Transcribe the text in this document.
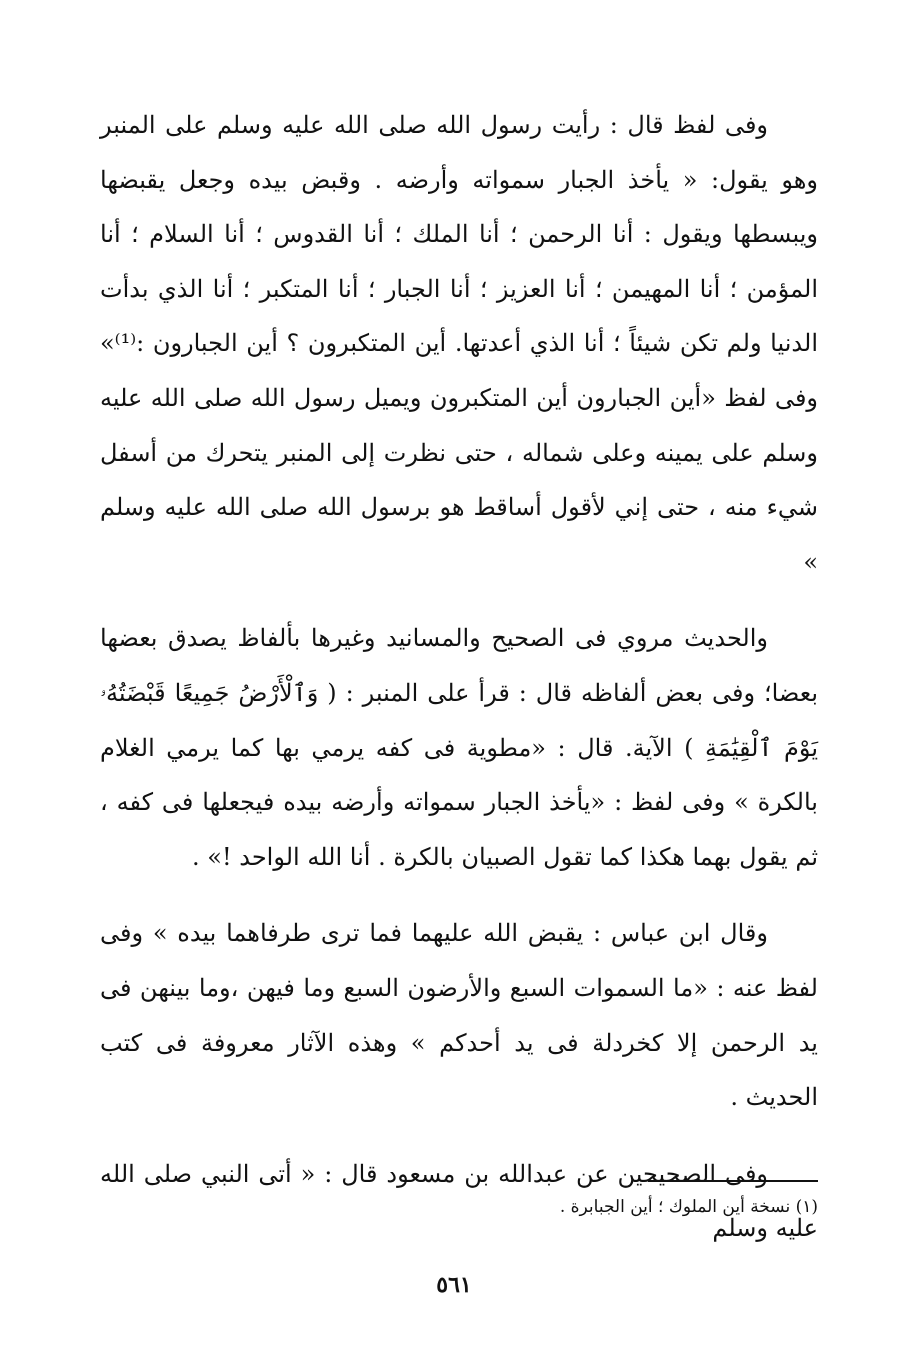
وفى لفظ قال : رأيت رسول الله صلى الله عليه وسلم على المنبر وهو يقول: « يأخذ الجبار سمواته وأرضه . وقبض بيده وجعل يقبضها ويبسطها ويقول : أنا الرحمن ؛ أنا الملك ؛ أنا القدوس ؛ أنا السلام ؛ أنا المؤمن ؛ أنا المهيمن ؛ أنا العزيز ؛ أنا الجبار ؛ أنا المتكبر ؛ أنا الذي بدأت الدنيا ولم تكن شيئاً ؛ أنا الذي أعدتها. أين المتكبرون ؟ أين الجبارون :⁽¹⁾» وفى لفظ «أين الجبارون أين المتكبرون ويميل رسول الله صلى الله عليه وسلم على يمينه وعلى شماله ، حتى نظرت إلى المنبر يتحرك من أسفل شيء منه ، حتى إني لأقول أساقط هو برسول الله صلى الله عليه وسلم »

والحديث مروي فى الصحيح والمسانيد وغيرها بألفاظ يصدق بعضها بعضا؛ وفى بعض ألفاظه قال : قرأ على المنبر : ( وَٱلْأَرْضُ جَمِيعًا قَبْضَتُهُۥ يَوْمَ ٱلْقِيَٰمَةِ ) الآية. قال : «مطوية فى كفه يرمي بها كما يرمي الغلام بالكرة » وفى لفظ : «يأخذ الجبار سمواته وأرضه بيده فيجعلها فى كفه ، ثم يقول بهما هكذا كما تقول الصبيان بالكرة . أنا الله الواحد !» .

وقال ابن عباس : يقبض الله عليهما فما ترى طرفاهما بيده » وفى لفظ عنه : «ما السموات السبع والأرضون السبع وما فيهن ،وما بينهن فى يد الرحمن إلا كخردلة فى يد أحدكم » وهذه الآثار معروفة فى كتب الحديث .

وفى الصحيحين عن عبدالله بن مسعود قال : « أتى النبي صلى الله عليه وسلم

(١) نسخة أين الملوك ؛ أين الجبابرة .
٥٦١
